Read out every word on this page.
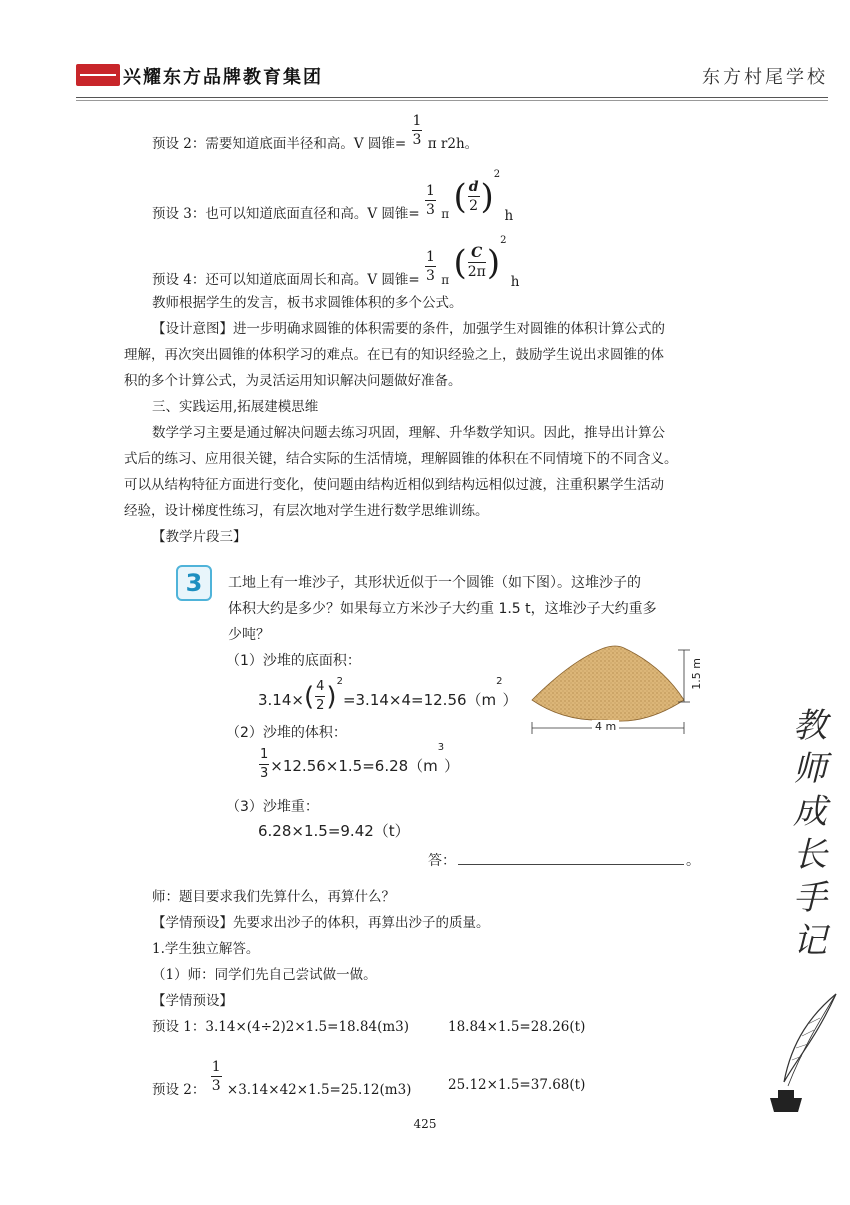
兴耀东方品牌教育集团	东方村尾学校
预设 2：需要知道底面半径和高。V 圆锥= $\frac{1}{3}$ π r2h。
预设 3：也可以知道底面直径和高。V 圆锥= $\frac{1}{3}$ π ( $\frac{d}{2} )^2$ h
预设 4：还可以知道底面周长和高。V 圆锥= $\frac{1}{3}$ π ( $\frac{C}{2\pi} )^2$ h
教师根据学生的发言，板书求圆锥体积的多个公式。
【设计意图】进一步明确求圆锥的体积需要的条件，加强学生对圆锥的体积计算公式的
理解，再次突出圆锥的体积学习的难点。在已有的知识经验之上，鼓励学生说出求圆锥的体
积的多个计算公式，为灵活运用知识解决问题做好准备。
三、实践运用,拓展建模思维
数学学习主要是通过解决问题去练习巩固，理解、升华数学知识。因此，推导出计算公
式后的练习、应用很关键，结合实际的生活情境，理解圆锥的体积在不同情境下的不同含义。
可以从结构特征方面进行变化，使问题由结构近相似到结构远相似过渡，注重积累学生活动
经验，设计梯度性练习，有层次地对学生进行数学思维训练。
【教学片段三】
3	工地上有一堆沙子，其形状近似于一个圆锥（如下图）。这堆沙子的
体积大约是多少？如果每立方米沙子大约重 1.5 t，这堆沙子大约重多
少吨？
（1）沙堆的底面积：
$3.14\times( \frac{4}{2} )^2=3.14\times 4=12.56(m^2)$
（2）沙堆的体积：
$\frac{1}{3} \times 12.56\times 1.5=6.28(m^3)$
（3）沙堆重：
6.28×1.5=9.42（t）
答：	。
1.5 m
4 m
师：题目要求我们先算什么，再算什么？
【学情预设】先要求出沙子的体积，再算出沙子的质量。
1.学生独立解答。
（1）师：同学们先自己尝试做一做。
【学情预设】
预设 1：3.14×(4÷2)2×1.5=18.84(m3)	18.84×1.5=28.26(t)
预设 2： $\frac{1}{3} \times 3.14\times 42\times 1.5=25.12(m3)$	25.12×1.5=37.68(t)
教
师
成
长
手
记
425
